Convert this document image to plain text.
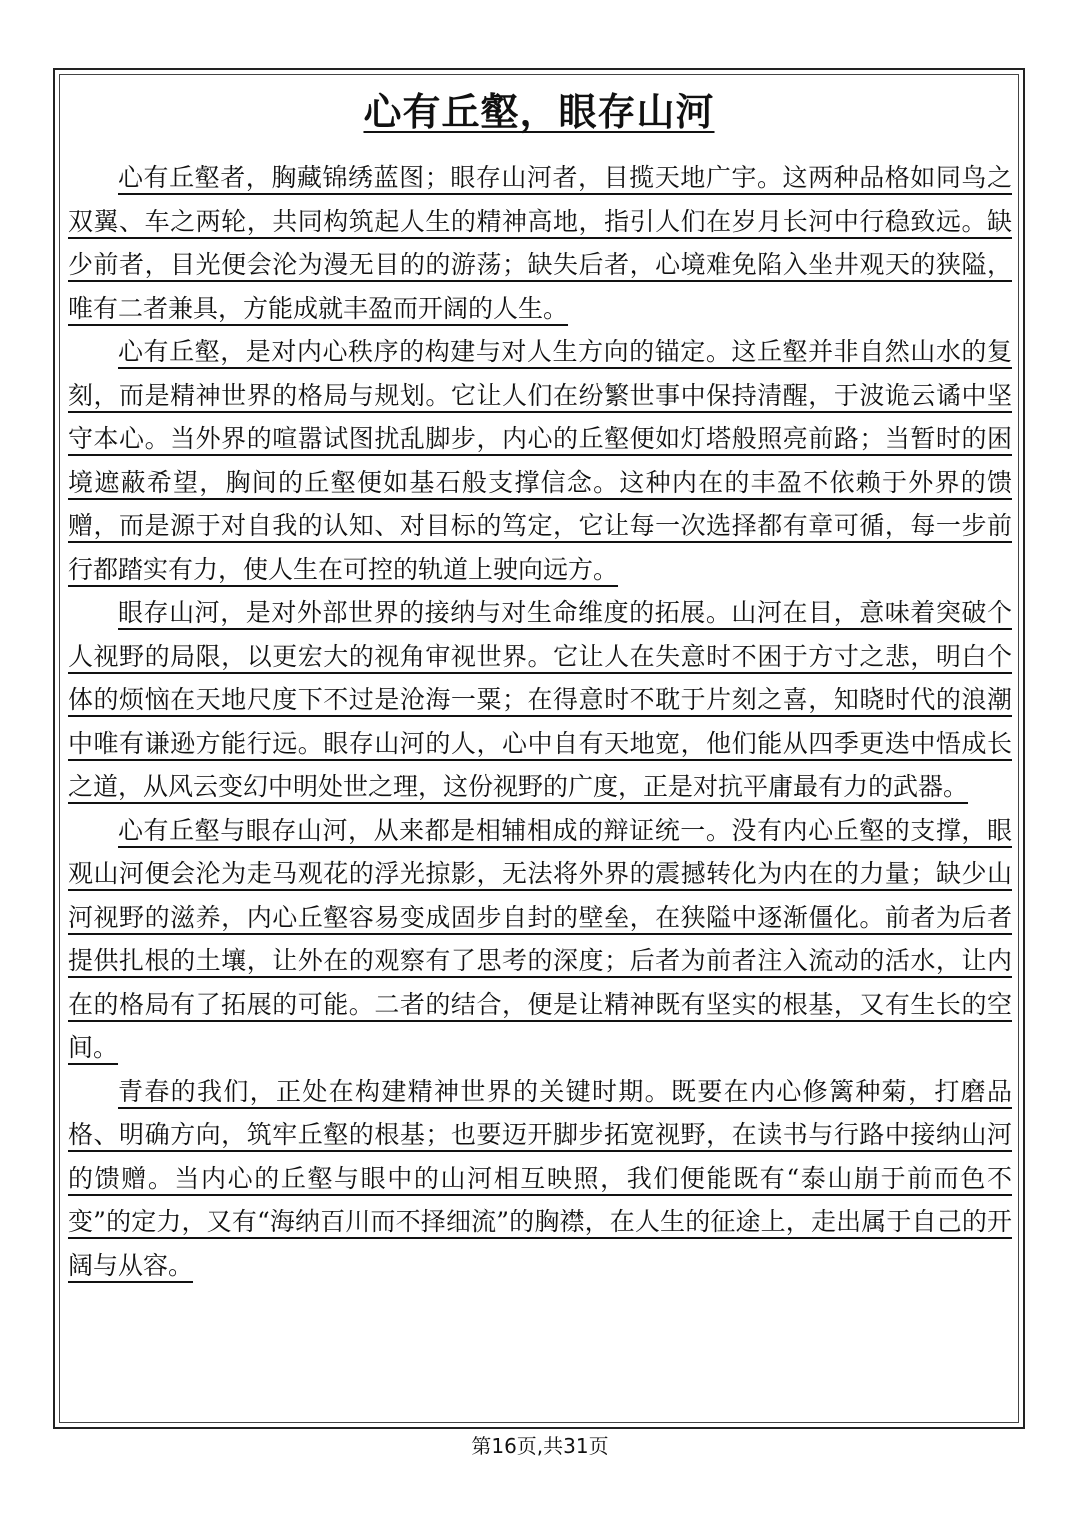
心有丘壑，眼存山河

心有丘壑者，胸藏锦绣蓝图；眼存山河者，目揽天地广宇。这两种品格如同鸟之双翼、车之两轮，共同构筑起人生的精神高地，指引人们在岁月长河中行稳致远。缺少前者，目光便会沦为漫无目的的游荡；缺失后者，心境难免陷入坐井观天的狭隘，唯有二者兼具，方能成就丰盈而开阔的人生。

心有丘壑，是对内心秩序的构建与对人生方向的锚定。这丘壑并非自然山水的复刻，而是精神世界的格局与规划。它让人们在纷繁世事中保持清醒，于波诡云谲中坚守本心。当外界的喧嚣试图扰乱脚步，内心的丘壑便如灯塔般照亮前路；当暂时的困境遮蔽希望，胸间的丘壑便如基石般支撑信念。这种内在的丰盈不依赖于外界的馈赠，而是源于对自我的认知、对目标的笃定，它让每一次选择都有章可循，每一步前行都踏实有力，使人生在可控的轨道上驶向远方。

眼存山河，是对外部世界的接纳与对生命维度的拓展。山河在目，意味着突破个人视野的局限，以更宏大的视角审视世界。它让人在失意时不困于方寸之悲，明白个体的烦恼在天地尺度下不过是沧海一粟；在得意时不耽于片刻之喜，知晓时代的浪潮中唯有谦逊方能行远。眼存山河的人，心中自有天地宽，他们能从四季更迭中悟成长之道，从风云变幻中明处世之理，这份视野的广度，正是对抗平庸最有力的武器。

心有丘壑与眼存山河，从来都是相辅相成的辩证统一。没有内心丘壑的支撑，眼观山河便会沦为走马观花的浮光掠影，无法将外界的震撼转化为内在的力量；缺少山河视野的滋养，内心丘壑容易变成固步自封的壁垒，在狭隘中逐渐僵化。前者为后者提供扎根的土壤，让外在的观察有了思考的深度；后者为前者注入流动的活水，让内在的格局有了拓展的可能。二者的结合，便是让精神既有坚实的根基，又有生长的空间。

青春的我们，正处在构建精神世界的关键时期。既要在内心修篱种菊，打磨品格、明确方向，筑牢丘壑的根基；也要迈开脚步拓宽视野，在读书与行路中接纳山河的馈赠。当内心的丘壑与眼中的山河相互映照，我们便能既有“泰山崩于前而色不变”的定力，又有“海纳百川而不择细流”的胸襟，在人生的征途上，走出属于自己的开阔与从容。

第16页,共31页
